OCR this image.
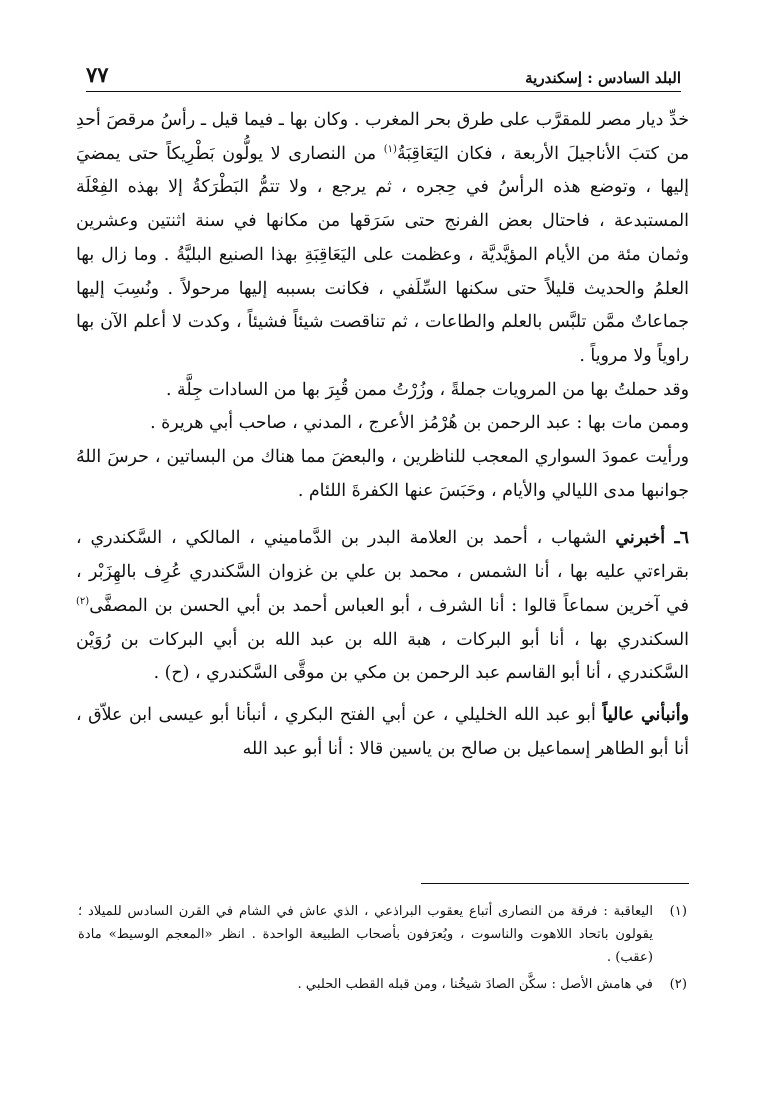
البلد السادس : إسكندرية
٧٧

خدِّ ديار مصر للمقرَّب على طرق بحر المغرب . وكان بها ـ فيما قيل ـ رأسُ مرقصَ أحدِ من كتبَ الأناجيلَ الأربعة ، فكان اليَعَاقِبَةُ$^{(١)}$ من النصارى لا يولُّون بَطْرِيكاً حتى يمضيَ إليها ، وتوضع هذه الرأسُ في حِجره ، ثم يرجع ، ولا تتمُّ البَطْرَكةُ إلا بهذه الفِعْلَة المستبدعة ، فاحتال بعض الفرنج حتى سَرَقها من مكانها في سنة اثنتين وعشرين وثمان مئة من الأيام المؤيَّديَّة ، وعظمت على اليَعَاقِبَةِ بهذا الصنيع البليَّةُ . وما زال بها العلمُ والحديث قليلاً حتى سكنها السِّلَفي ، فكانت بسببه إليها مرحولاً . ونُسِبَ إليها جماعاتٌ ممَّن تلبَّس بالعلم والطاعات ، ثم تناقصت شيئاً فشيئاً ، وكدت لا أعلم الآن بها راوياً ولا مروياً .

وقد حملتُ بها من المرويات جملةً ، وزُرْتُ ممن قُبِرَ بها من السادات جِلَّة .

وممن مات بها : عبد الرحمن بن هُرْمُز الأعرج ، المدني ، صاحب أبي هريرة .

ورأيت عمودَ السواري المعجب للناظرين ، والبعضَ مما هناك من البساتين ، حرسَ اللهُ جوانبها مدى الليالي والأيام ، وحَبَسَ عنها الكفرةَ اللئام .

٦ـ أخبرني الشهاب ، أحمد بن العلامة البدر بن الدَّماميني ، المالكي ، السَّكندري ، بقراءتي عليه بها ، أنا الشمس ، محمد بن علي بن غزوان السَّكندري عُرِف بالهِزَبْر ، في آخرين سماعاً قالوا : أنا الشرف ، أبو العباس أحمد بن أبي الحسن بن المصفَّى$^{(٢)}$ السكندري بها ، أنا أبو البركات ، هبة الله بن عبد الله بن أبي البركات بن رُوَيْن السَّكندري ، أنا أبو القاسم عبد الرحمن بن مكي بن موقَّى السَّكندري ، (ح) .

وأنبأني عالياً أبو عبد الله الخليلي ، عن أبي الفتح البكري ، أنبأنا أبو عيسى ابن علاّق ، أنا أبو الطاهر إسماعيل بن صالح بن ياسين قالا : أنا أبو عبد الله

(١)
اليعاقبة : فرقة من النصارى أتباع يعقوب البراذعي ، الذي عاش في الشام في القرن السادس للميلاد ؛ يقولون باتحاد اللاهوت والناسوت ، ويُعرَفون بأصحاب الطبيعة الواحدة . انظر «المعجم الوسيط» مادة (عقب) .
(٢)
في هامش الأصل : سكَّن الصادَ شيخُنا ، ومن قبله القطب الحلبي .
